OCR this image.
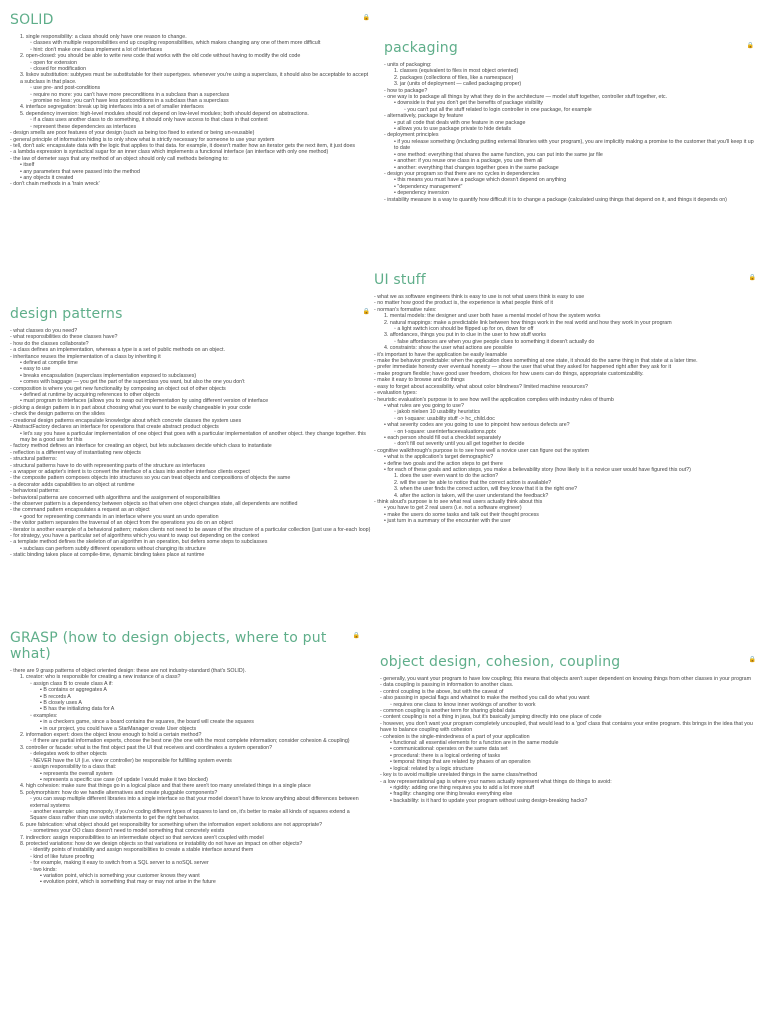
SOLID	🔒
1. single responsibility: a class should only have one reason to change.
◦ classes with multiple responsibilities end up coupling responsibilities, which makes changing any one of them more difficult
◦ hint: don't make one class implement a lot of interfaces
2. open-closed: you should be able to write new code that works with the old code without having to modify the old code
◦ open for extension
◦ closed for modification
3. liskov substitution: subtypes must be substitutable for their supertypes. whenever you're using a superclass, it should also be acceptable to accept a subclass in that place.
◦ use pre- and post-conditions
◦ require no more: you can't have more preconditions in a subclass than a superclass
◦ promise no less: you can't have less postconditions in a subclass than a superclass
4. interface segregation: break up big interfaces into a set of smaller interfaces
5. dependency inversion: high-level modules should not depend on low-level modules; both should depend on abstractions.
◦ if a class uses another class to do something, it should only have access to that class in that context
◦ represent these dependencies as interfaces
- design smells are poor features of your design (such as being too fixed to extend or being un-reusable)
- general principle of information hiding is to only show what is strictly necessary for someone to use your system
- tell, don't ask: encapsulate data with the logic that applies to that data. for example, it doesn't matter how an iterator gets the next item, it just does
- a lambda expression is syntactical sugar for an inner class which implements a functional interface (an interface with only one method)
- the law of demeter says that any method of an object should only call methods belonging to:
• itself
• any parameters that were passed into the method
• any objects it created
- don't chain methods in a 'train wreck'
packaging	🔒
- units of packaging:
1. classes (equivalent to files in most object oriented)
2. packages (collections of files, like a namespace)
3. jar (units of deployment — called packaging proper)
- how to package?
- one way is to package all things by what they do in the architecture — model stuff together, controller stuff together, etc.
• downside is that you don't get the benefits of package visibility
◦ you can't put all the stuff related to login controller in one package, for example
- alternatively, package by feature
• put all code that deals with one feature in one package
• allows you to use package private to hide details
- deployment principles
• if you release something (including putting external libraries with your program), you are implicitly making a promise to the customer that you'll keep it up to date
• one method: everything that shares the same function, you can put into the same jar file
• another: if you reuse one class in a package, you use them all
• another: everything that changes together goes in the same package
- design your program so that there are no cycles in dependencies
• this means you must have a package which doesn't depend on anything
• "dependency management"
• dependency inversion
- instability measure is a way to quantify how difficult it is to change a package (calculated using things that depend on it, and things it depends on)
design patterns	🔒
- what classes do you need?
- what responsibilities do these classes have?
- how do the classes collaborate?
- a class defines an implementation, whereas a type is a set of public methods on an object.
- inheritance reuses the implementation of a class by inheriting it
• defined at compile time
• easy to use
• breaks encapsulation (superclass implementation exposed to subclasses)
• comes with baggage — you get the part of the superclass you want, but also the one you don't
- composition is where you get new functionality by composing an object out of other objects
• defined at runtime by acquiring references to other objects
• must program to interfaces (allows you to swap out implementation by using different version of interface
- picking a design pattern is in part about choosing what you want to be easily changeable in your code
- check the design patterns on the slides
- creational design patterns encapsulate knowledge about which concrete classes the system uses
- AbstractFactory declares an interface for operations that create abstract product objects
• let's say you have a particular implementation of one object that goes with a particular implementation of another object. they change together. this may be a good use for this
- factory method defines an interface for creating an object, but lets subclasses decide which class to instantiate
- reflection is a different way of instantiating new objects
- structural patterns:
- structural patterns have to do with representing parts of the structure as interfaces
- a wrapper or adapter's intent is to convert the interface of a class into another interface clients expect
- the composite pattern composes objects into structures so you can treat objects and compositions of objects the same
- a decorator adds capabilities to an object at runtime
- behavioral patterns:
- behavioral patterns are concerned with algorithms and the assignment of responsibilities
- the observer pattern is a dependency between objects so that when one object changes state, all dependents are notified
- the command pattern encapsulates a request as an object
• good for representing commands in an interface where you want an undo operation
- the visitor pattern separates the traversal of an object from the operations you do on an object
- iterator is another example of a behavioral pattern; makes clients not need to be aware of the structure of a particular collection (just use a for-each loop)
- for strategy, you have a particular set of algorithms which you want to swap out depending on the context
- a template method defines the skeleton of an algorithm in an operation, but defers some steps to subclasses
• subclass can perform subtly different operations without changing its structure
- static binding takes place at compile-time, dynamic binding takes place at runtime
UI stuff	🔒
- what we as software engineers think is easy to use is not what users think is easy to use
- no matter how good the product is, the experience is what people think of it
- norman's formative rules:
1. mental models: the designer and user both have a mental model of how the system works
2. natural mappings: make a predictable link between how things work in the real world and how they work in your program
◦ a light switch icon should be flipped up for on, down for off
3. affordances, things you put in to clue in the user to how stuff works
◦ false affordances are when you give people clues to something it doesn't actually do
4. constraints: show the user what actions are possible
- it's important to have the application be easily learnable
- make the behavior predictable: when the application does something at one state, it should do the same thing in that state at a later time.
- prefer immediate honesty over eventual honesty — show the user that what they asked for happened right after they ask for it
- make program flexible; have good user freedom, choices for how users can do things, appropriate customizability.
- make it easy to browse and do things
- easy to forget about accessibility. what about color blindness? limited machine resources?
- evaluation types:
- heuristic evaluation's purpose is to see how well the application complies with industry rules of thumb
• what rules are you going to use?
◦ jakob nielsen 10 usability heuristics
◦ on t-square: usability stuff -> hc_child.doc
• what severity codes are you going to use to pinpoint how serious defects are?
◦ on t-square: userinterfaceevaluations.pptx
• each person should fill out a checklist separately
◦ don't fill out severity until you all get together to decide
- cognitive walkthrough's purpose is to see how well a novice user can figure out the system
• what is the application's target demographic?
• define two goals and the action steps to get there
• for each of these goals and action steps, you make a believability story (how likely is it a novice user would have figured this out?)
1. does the user even want to do the action?
2. will the user be able to notice that the correct action is available?
3. when the user finds the correct action, will they know that it is the right one?
4. after the action is taken, will the user understand the feedback?
- think aloud's purpose is to see what real users actually think about this
• you have to get 2 real users (i.e. not a software engineer)
• make the users do some tasks and talk out their thought process
• just turn in a summary of the encounter with the user
GRASP (how to design objects, where to put what)
🔒
- there are 9 grasp patterns of object oriented design: these are not industry-standard (that's SOLID).
1. creator: who is responsible for creating a new instance of a class?
◦ assign class B to create class A if:
▪ B contains or aggregates A
▪ B records A
▪ B closely uses A
▪ B has the initializing data for A
◦ examples:
▪ in a checkers game, since a board contains the squares, the board will create the squares
▪ in our project, you could have a StarManager create User objects
2. information expert: does the object know enough to hold a certain method?
◦ if there are partial information experts, choose the best one (the one with the most complete information; consider cohesion & coupling)
3. controller or facade: what is the first object past the UI that receives and coordinates a system operation?
◦ delegates work to other objects
◦ NEVER have the UI (i.e. view or controller) be responsible for fulfilling system events
◦ assign responsibility to a class that:
▪ represents the overall system
▪ represents a specific use case (of update I would make it two blocked)
4. high cohesion: make sure that things go in a logical place and that there aren't too many unrelated things in a single place
5. polymorphism: how do we handle alternatives and create pluggable components?
◦ you can swap multiple different libraries into a single interface so that your model doesn't have to know anything about differences between external systems
◦ another example: using monopoly, if you're coding different types of squares to land on, it's better to make all kinds of squares extend a Square class rather than use switch statements to get the right behavior.
6. pure fabrication: what object should get responsibility for something when the information expert solutions are not appropriate?
◦ sometimes your OO class doesn't need to model something that concretely exists
7. indirection: assign responsibilities to an intermediate object so that services aren't coupled with model
8. protected variations: how do we design objects so that variations or instability do not have an impact on other objects?
◦ identify points of instability and assign responsibilities to create a stable interface around them
◦ kind of like future proofing
◦ for example, making it easy to switch from a SQL server to a noSQL server
◦ two kinds:
▪ variation point, which is something your customer knows they want
▪ evolution point, which is something that may or may not arise in the future
object design, cohesion, coupling	🔒
- generally, you want your program to have low coupling; this means that objects aren't super dependent on knowing things from other classes in your program
- data coupling is passing in information to another class.
- control coupling is the above, but with the caveat of
- also passing in special flags and whatnot to make the method you call do what you want
◦ requires one class to know inner workings of another to work
- common coupling is another term for sharing global data
- content coupling is not a thing in java, but it's basically jumping directly into one place of code
- however, you don't want your program completely uncoupled, that would lead to a 'god' class that contains your entire program. this brings in the idea that you have to balance coupling with cohesion
- cohesion is the single-mindedness of a part of your application
• functional: all essential elements for a function are in the same module
• communicational: operates on the same data set
• procedural: there is a logical ordering of tasks
• temporal: things that are related by phases of an operation
• logical: related by a logic structure
- key is to avoid multiple unrelated things in the same class/method
- a low representational gap is where your names actually represent what things do things to avoid:
• rigidity: adding one thing requires you to add a lot more stuff
• fragility: changing one thing breaks everything else
• backability: is it hard to update your program without using design-breaking hacks?
